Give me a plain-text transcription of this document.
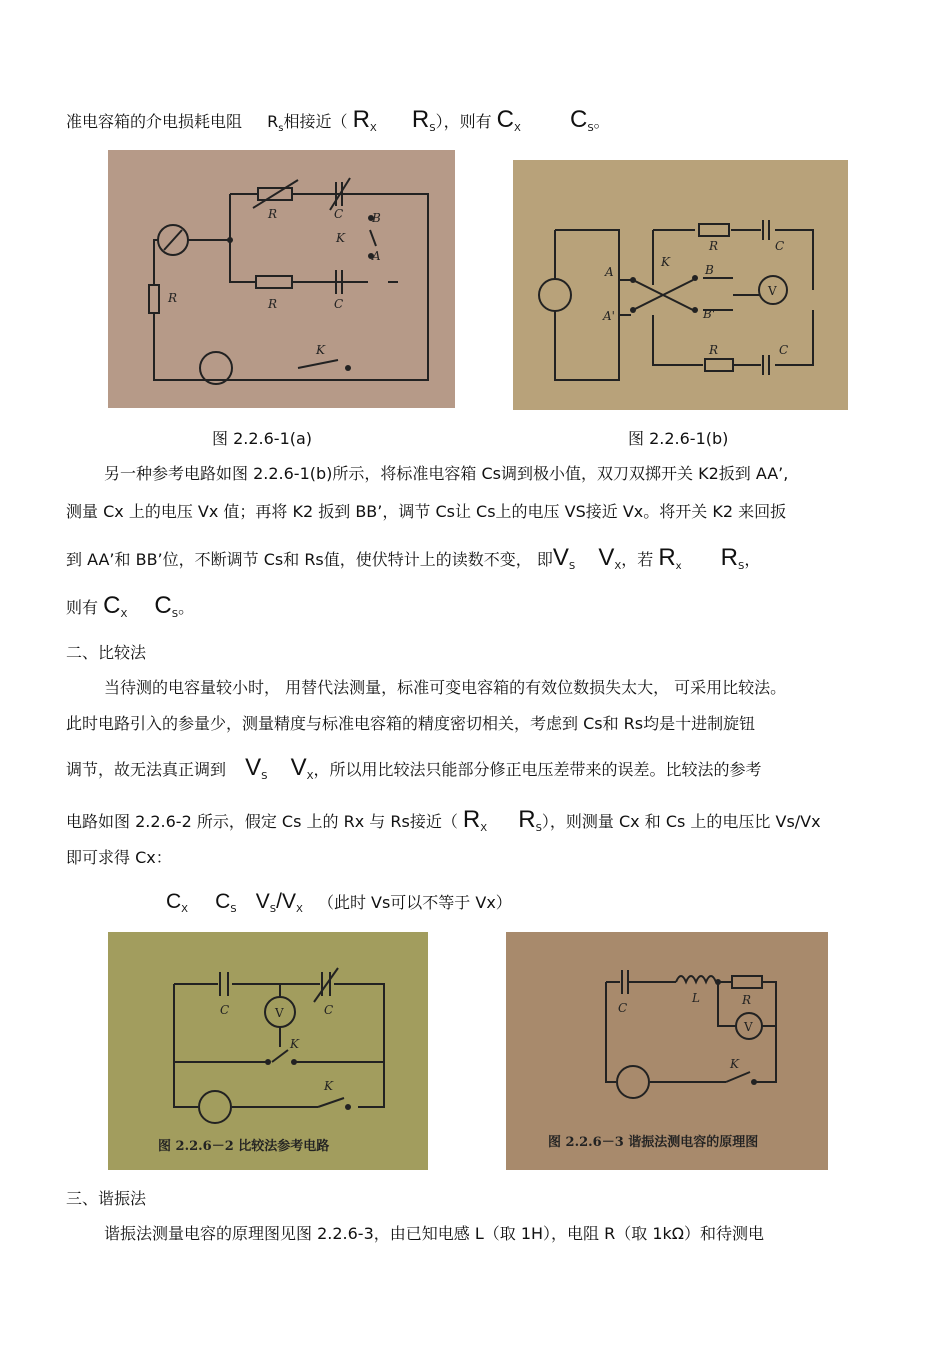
准电容箱的介电损耗电阻 $R_s$相接近（ $R_X$ $R_S$），则有 $C_X$ $C_S$。
R	C B
A
K
R
R	C
K
A
A'
K
B
B'
V
R	C
R	C
图 2.2.6-1(a)	图 2.2.6-1(b)
另一种参考电路如图 2.2.6-1(b)所示，将标准电容箱 Cs调到极小值，双刀双掷开关 K2扳到 AA’,
测量 Cx 上的电压 Vx 值；再将 K2 扳到 BB’，调节 Cs让 Cs上的电压 VS接近 Vx。将开关 K2 来回扳
到 AA’和 BB’位，不断调节 Cs和 Rs值，使伏特计上的读数不变， 即$V_S$ $V_X$，若 $R_x$ $R_S$，
则有 $C_X$ $C_S$。
二、比较法
当待测的电容量较小时， 用替代法测量，标准可变电容箱的有效位数损失太大， 可采用比较法。
此时电路引入的参量少，测量精度与标准电容箱的精度密切相关，考虑到 Cs和 Rs均是十进制旋钮
调节，故无法真正调到 $V_S$ $V_X$，所以用比较法只能部分修正电压差带来的误差。比较法的参考
电路如图 2.2.6-2 所示，假定 Cs 上的 Rx 与 Rs接近（ $R_X$ $R_S$），则测量 Cx 和 Cs 上的电压比 Vs/Vx
即可求得 Cx：
$C_X$ $C_S$ $V_S/V_X$ （此时 Vs可以不等于 Vx）
C	C
V
K
K
图 2.2.6－2 比较法参考电路
C
L	R
V
K
图 2.2.6－3 谐振法测电容的原理图
三、谐振法
谐振法测量电容的原理图见图 2.2.6-3，由已知电感 L（取 1H），电阻 R（取 1kΩ）和待测电
